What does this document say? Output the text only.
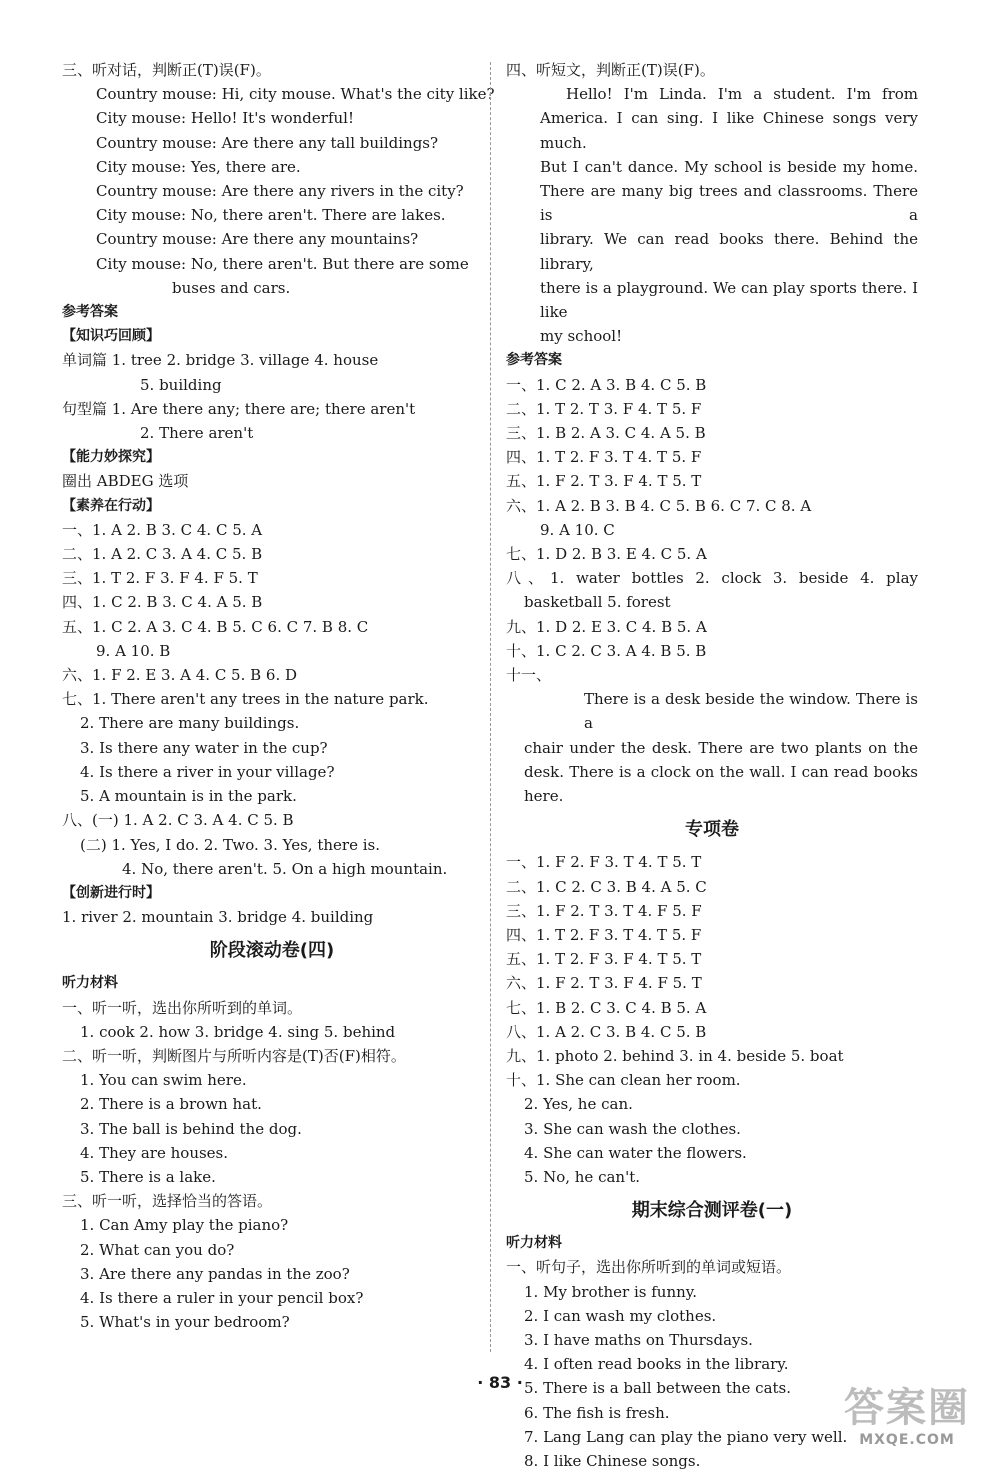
三、听对话，判断正(T)误(F)。
Country mouse: Hi, city mouse. What's the city like?
City mouse: Hello! It's wonderful!
Country mouse: Are there any tall buildings?
City mouse: Yes, there are.
Country mouse: Are there any rivers in the city?
City mouse: No, there aren't. There are lakes.
Country mouse: Are there any mountains?
City mouse: No, there aren't. But there are some
buses and cars.
参考答案
【知识巧回顾】
单词篇 1. tree 2. bridge 3. village 4. house
5. building
句型篇 1. Are there any; there are; there aren't
2. There aren't
【能力妙探究】
圈出 ABDEG 选项
【素养在行动】
一、1. A 2. B 3. C 4. C 5. A
二、1. A 2. C 3. A 4. C 5. B
三、1. T 2. F 3. F 4. F 5. T
四、1. C 2. B 3. C 4. A 5. B
五、1. C 2. A 3. C 4. B 5. C 6. C 7. B 8. C
9. A 10. B
六、1. F 2. E 3. A 4. C 5. B 6. D
七、1. There aren't any trees in the nature park.
2. There are many buildings.
3. Is there any water in the cup?
4. Is there a river in your village?
5. A mountain is in the park.
八、(一) 1. A 2. C 3. A 4. C 5. B
(二) 1. Yes, I do. 2. Two. 3. Yes, there is.
4. No, there aren't. 5. On a high mountain.
【创新进行时】
1. river 2. mountain 3. bridge 4. building
阶段滚动卷(四)
听力材料
一、听一听，选出你所听到的单词。
1. cook 2. how 3. bridge 4. sing 5. behind
二、听一听，判断图片与所听内容是(T)否(F)相符。
1. You can swim here.
2. There is a brown hat.
3. The ball is behind the dog.
4. They are houses.
5. There is a lake.
三、听一听，选择恰当的答语。
1. Can Amy play the piano?
2. What can you do?
3. Are there any pandas in the zoo?
4. Is there a ruler in your pencil box?
5. What's in your bedroom?
四、听短文，判断正(T)误(F)。
Hello! I'm Linda. I'm a student. I'm from
America. I can sing. I like Chinese songs very much.
But I can't dance. My school is beside my home.
There are many big trees and classrooms. There is a
library. We can read books there. Behind the library,
there is a playground. We can play sports there. I like
my school!
参考答案
一、1. C 2. A 3. B 4. C 5. B
二、1. T 2. T 3. F 4. T 5. F
三、1. B 2. A 3. C 4. A 5. B
四、1. T 2. F 3. T 4. T 5. F
五、1. F 2. T 3. F 4. T 5. T
六、1. A 2. B 3. B 4. C 5. B 6. C 7. C 8. A
9. A 10. C
七、1. D 2. B 3. E 4. C 5. A
八、1. water bottles 2. clock 3. beside 4. play
basketball 5. forest
九、1. D 2. E 3. C 4. B 5. A
十、1. C 2. C 3. A 4. B 5. B
十一、
There is a desk beside the window. There is a
chair under the desk. There are two plants on the
desk. There is a clock on the wall. I can read books
here.
专项卷
一、1. F 2. F 3. T 4. T 5. T
二、1. C 2. C 3. B 4. A 5. C
三、1. F 2. T 3. T 4. F 5. F
四、1. T 2. F 3. T 4. T 5. F
五、1. T 2. F 3. F 4. T 5. T
六、1. F 2. T 3. F 4. F 5. T
七、1. B 2. C 3. C 4. B 5. A
八、1. A 2. C 3. B 4. C 5. B
九、1. photo 2. behind 3. in 4. beside 5. boat
十、1. She can clean her room.
2. Yes, he can.
3. She can wash the clothes.
4. She can water the flowers.
5. No, he can't.
期末综合测评卷(一)
听力材料
一、听句子，选出你所听到的单词或短语。
1. My brother is funny.
2. I can wash my clothes.
3. I have maths on Thursdays.
4. I often read books in the library.
5. There is a ball between the cats.
6. The fish is fresh.
7. Lang Lang can play the piano very well.
8. I like Chinese songs.
· 83 ·
答案圈
MXQE.COM
